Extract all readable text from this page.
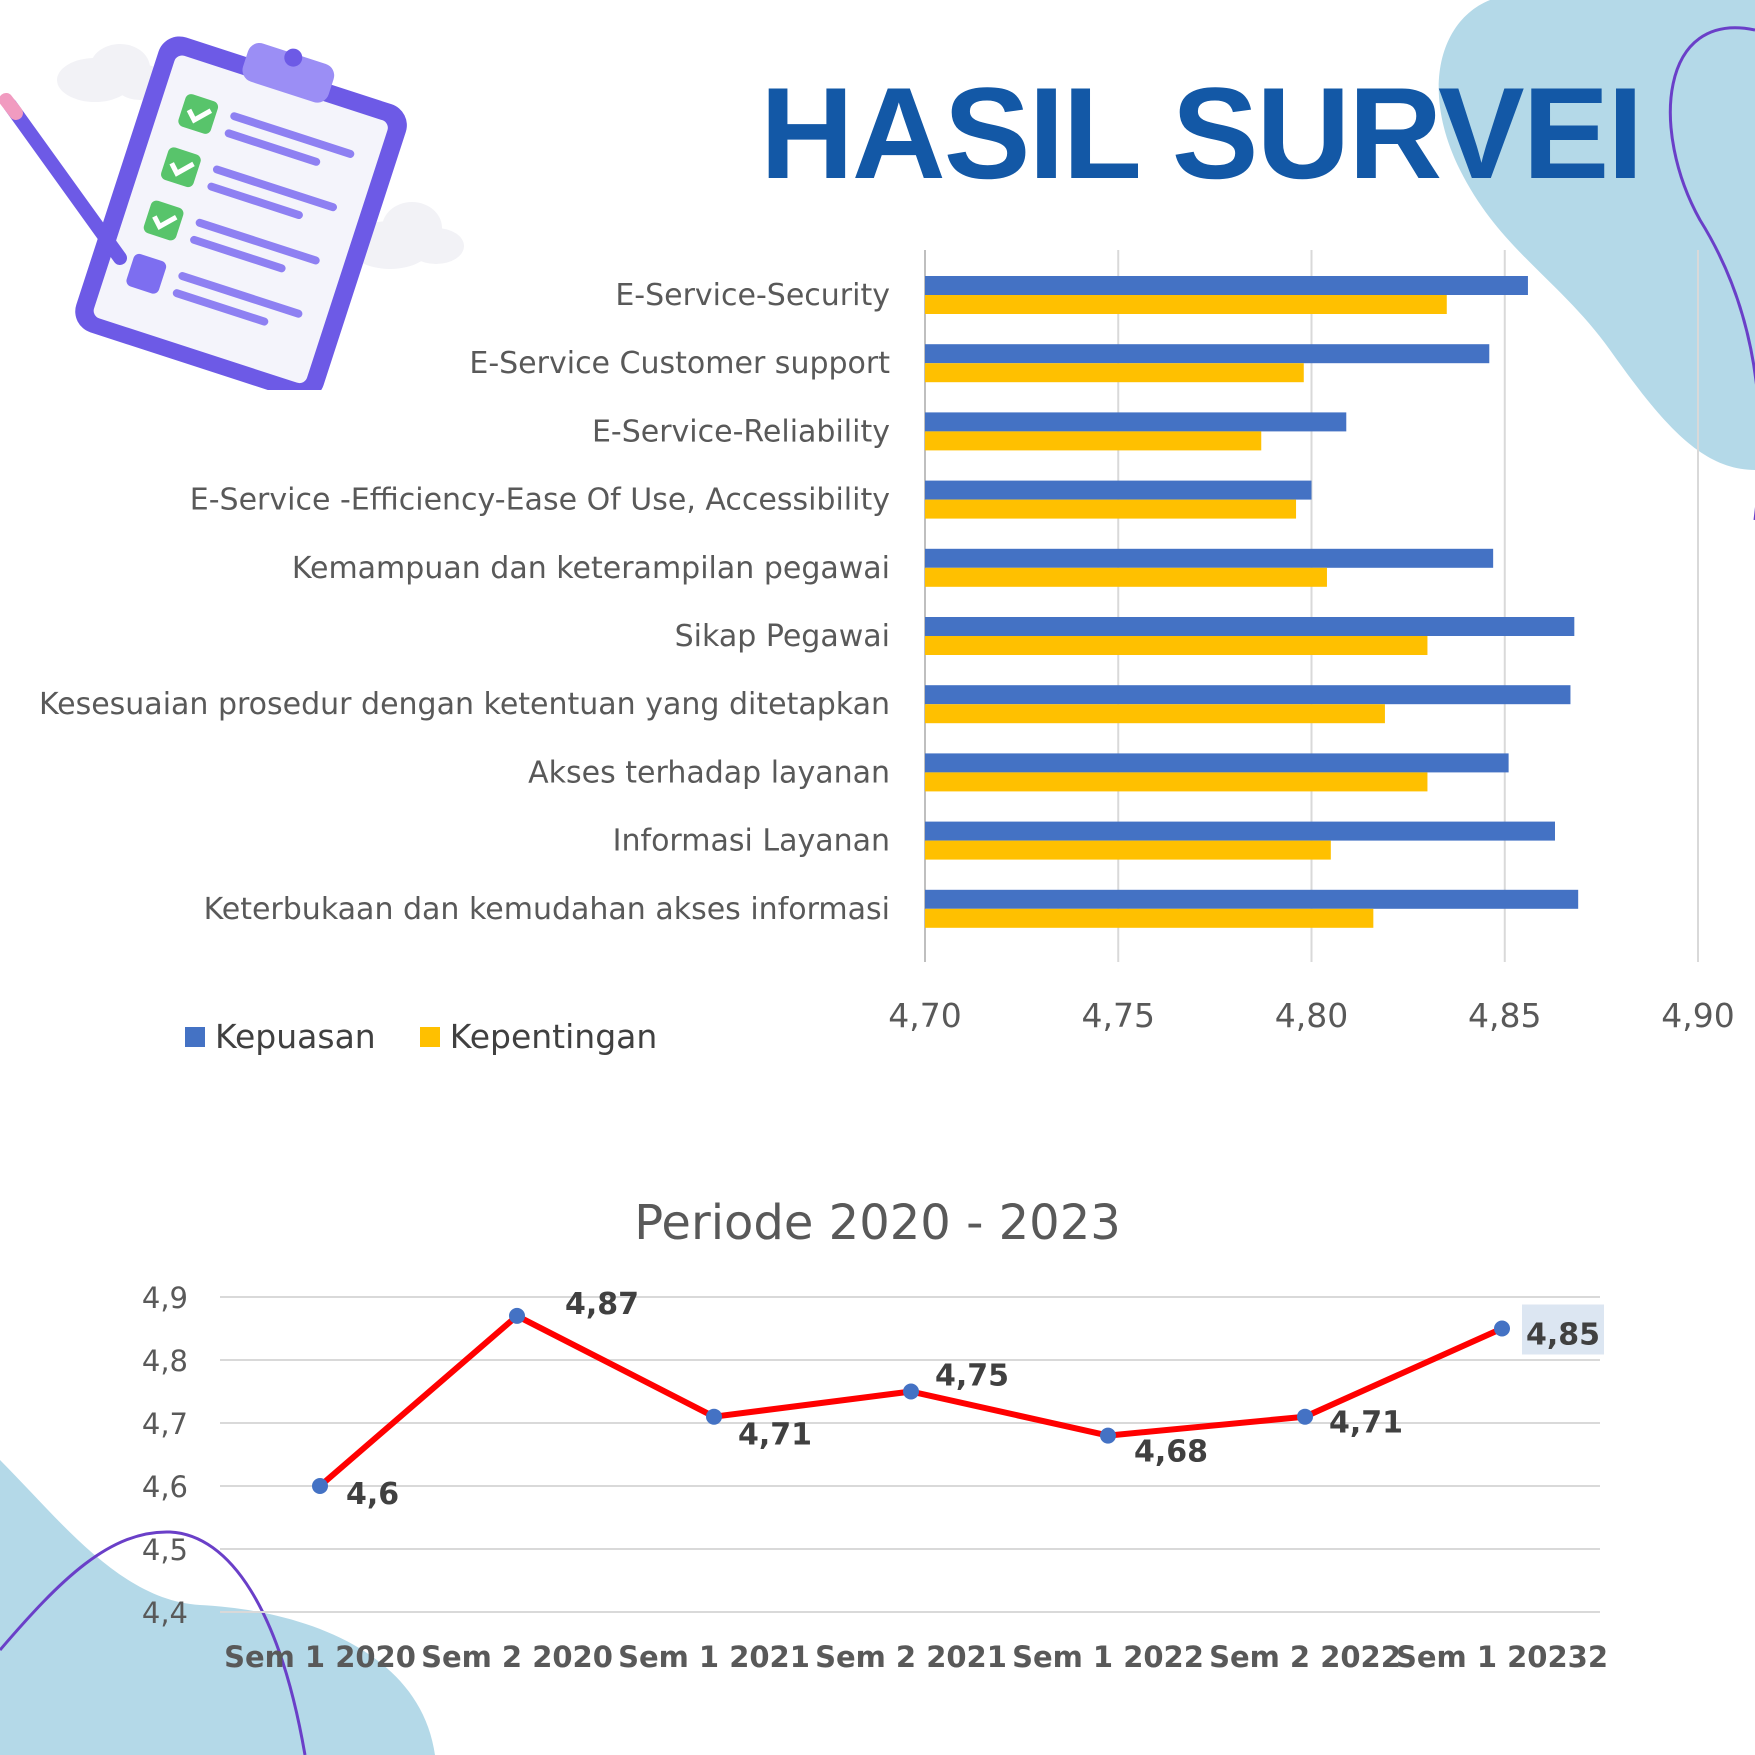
HASIL SURVEI
4,70	4,75	4,80	4,85	4,90
E-Service-Security
E-Service Customer support
E-Service-Reliability
E-Service -Efficiency-Ease Of Use, Accessibility
Kemampuan dan keterampilan pegawai
Sikap Pegawai
Kesesuaian prosedur dengan ketentuan yang ditetapkan
Akses terhadap layanan
Informasi Layanan
Keterbukaan dan kemudahan akses informasi
Kepuasan Kepentingan
Periode 2020 - 2023
4,4
4,5
4,6
4,7
4,8
4,9
Sem 1 2020 Sem 2 2020 Sem 1 2021 Sem 2 2021 Sem 1 2022 Sem 2 2022
Sem 1 20232
4,6
4,87
4,71
4,75
4,68
4,71
4,85
